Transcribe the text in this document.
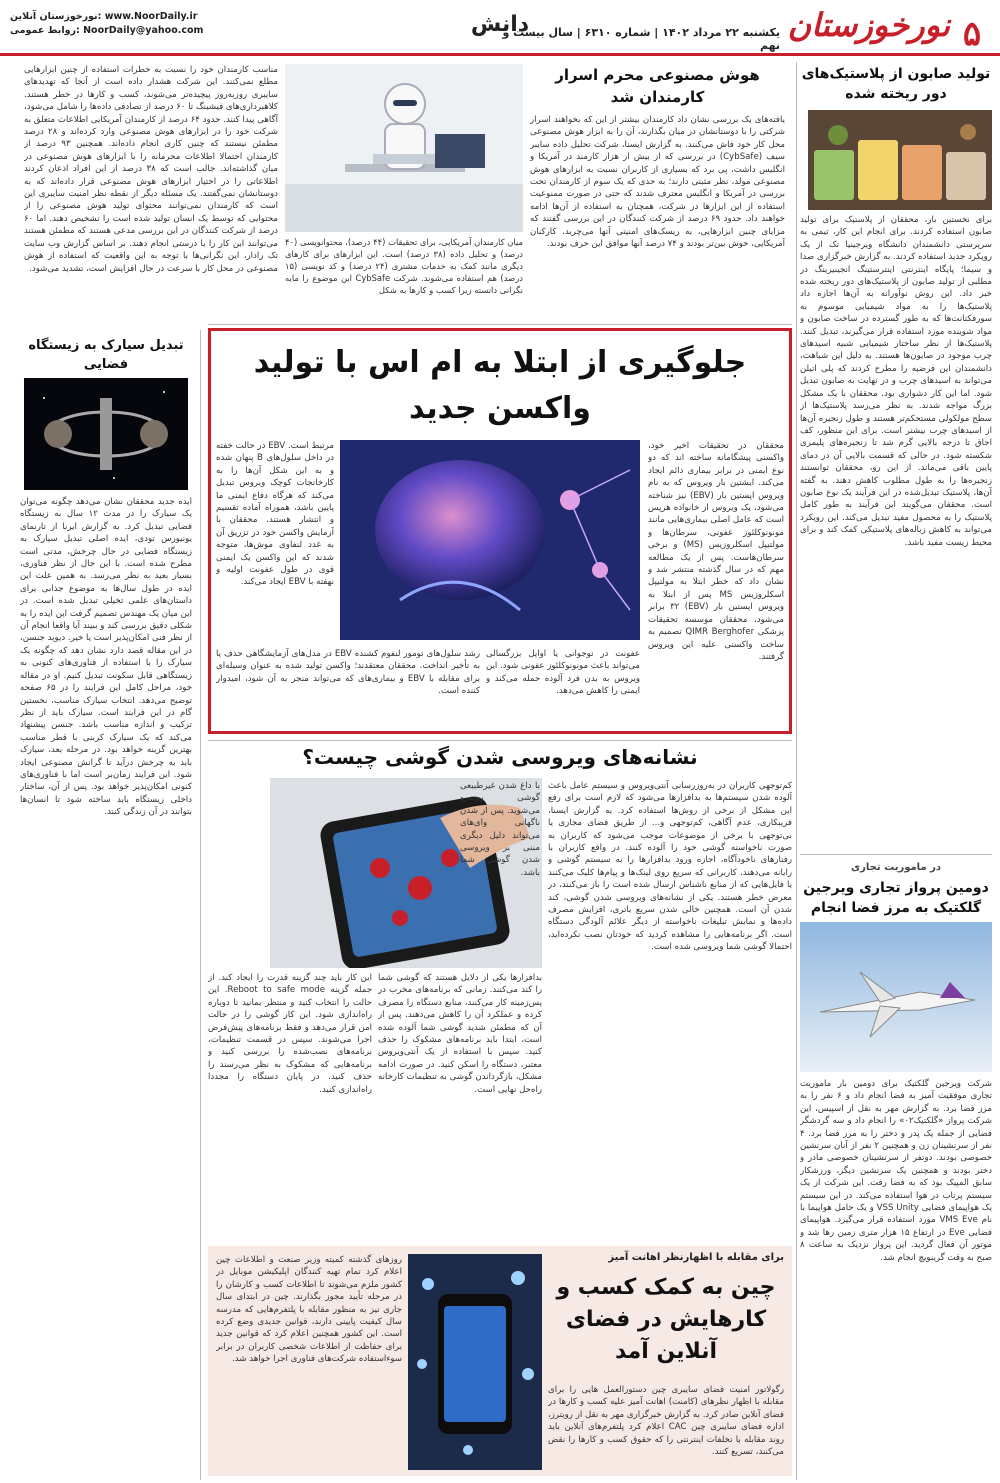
۵
نورخوزستان
یکشنبه ۲۲ مرداد ۱۴۰۲ | شماره ۶۳۱۰ | سال بیست و نهم
دانش
نورخوزستان آنلاین: www.NoorDaily.ir
روابط عمومی: NoorDaily@yahoo.com
تولید صابون از پلاستیک‌های دور ریخته شده
برای نخستین بار، محققان از پلاستیک برای تولید صابون استفاده کردند. برای انجام این کار، تیمی به سرپرستی دانشمندان دانشگاه ویرجینیا تک از یک رویکرد جدید استفاده کردند. به گزارش خبرگزاری صدا و سیما؛ پایگاه اینترنتی اینترستینگ انجینیرینگ در مطلبی از تولید صابون از پلاستیک‌های دور ریخته شده خبر داد. این روش نوآورانه به آن‌ها اجازه داد پلاستیک‌ها را به مواد شیمیایی موسوم به سورفکتانت‌ها که به طور گسترده در ساخت صابون و مواد شوینده مورد استفاده قرار می‌گیرند، تبدیل کنند. پلاستیک‌ها از نظر ساختار شیمیایی شبیه اسیدهای چرب موجود در صابون‌ها هستند. به دلیل این شباهت، دانشمندان این فرضیه را مطرح کردند که پلی اتیلن می‌تواند به اسیدهای چرب و در نهایت به صابون تبدیل شود. اما این کار دشواری بود. محققان با یک مشکل بزرگ مواجه شدند. به نظر می‌رسد پلاستیک‌ها از سطح مولکولی مستحکم‌تر هستند و طول زنجیره آن‌ها از اسیدهای چرب بیشتر است. برای این منظور، کف اجاق تا درجه بالایی گرم شد تا زنجیره‌های پلیمری شکسته شود. در حالی که قسمت بالایی آن در دمای پایین باقی می‌ماند. از این رو، محققان توانستند زنجیره‌ها را به طول مطلوب کاهش دهند. به گفته آن‌ها، پلاستیک تبدیل‌شده در این فرآیند یک نوع صابون است. محققان می‌گویند این فرآیند به طور کامل پلاستیک را به محصول مفید تبدیل می‌کند. این رویکرد می‌تواند به کاهش زباله‌های پلاستیکی کمک کند و برای محیط زیست مفید باشد.
در ماموریت تجاری
دومین پرواز تجاری ویرجین گلکتیک به مرز فضا انجام
شرکت ویرجین گلکتیک برای دومین بار ماموریت تجاری موفقیت آمیز به فضا انجام داد و ۶ نفر را به مرز فضا برد. به گزارش مهر به نقل از اسپیس، این شرکت پرواز «گلکتیک۰۲» را انجام داد و سه گردشگر فضایی از جمله یک پدر و دختر را به مرز فضا برد. ۴ نفر از سرنشینان زن و همچنین ۲ نفر از آنان سرنشین خصوصی بودند. دوتفر از سرنشینان خصوصی مادر و دختر بودند و همچنین یک سرنشین دیگر، ورزشکار سابق المپیک بود که به فضا رفت. این شرکت از یک سیستم پرتاب در هوا استفاده می‌کند. در این سیستم یک هواپیمای فضایی VSS Unity و یک حامل هواپیما با نام VMS Eve مورد استفاده قرار می‌گیرد. هواپیمای فضایی Eve در ارتفاع ۱۵ هزار متری زمین رها شد و موتور آن فعال گردید. این پرواز نزدیک به ساعت ۸ صبح به وقت گرینویچ انجام شد.
هوش مصنوعی محرم اسرار کارمندان شد
یافته‌های یک بررسی نشان داد کارمندان بیشتر از این که بخواهند اسرار شرکتی را با دوستانشان در میان بگذارند، آن را به ابزار هوش مصنوعی محل کار خود فاش می‌کنند. به گزارش ایسنا، شرکت تحلیل داده سایبر سیف (CybSafe) در بررسی که از بیش از هزار کارمند در آمریکا و انگلیس داشت، پی برد که بسیاری از کاربران نسبت به ابزارهای هوش مصنوعی مولد، نظر مثبتی دارند؛ به حدی که یک سوم از کارمندان تحت بررسی در آمریکا و انگلیس معترف شدند که حتی در صورت ممنوعیت استفاده از این ابزارها در شرکت، همچنان به استفاده از آن‌ها ادامه خواهند داد. حدود ۶۹ درصد از شرکت کنندگان در این بررسی گفتند که مزایای چنین ابزارهایی، به ریسک‌های امنیتی آنها می‌چربد. کارکنان آمریکایی، خوش بین‌تر بودند و ۷۴ درصد آنها موافق این حرف بودند.
میان کارمندان آمریکایی، برای تحقیقات (۴۴ درصد)، محتوانویسی (۴۰ درصد) و تحلیل داده (۳۸ درصد) است. این ابزارهای برای کارهای دیگری مانند کمک به خدمات مشتری (۲۴ درصد) و کد نویسی (۱۵ درصد) هم استفاده می‌شوند. شرکت CybSafe این موضوع را مایه نگرانی دانسته زیرا کسب و کارها به شکل
مناسب کارمندان خود را نسبت به خطرات استفاده از چنین ابزارهایی مطلع نمی‌کنند. این شرکت هشدار داده است از آنجا که تهدیدهای سایبری روزبه‌روز پیچیده‌تر می‌شوند، کسب و کارها در خطر هستند. کلاهبرداری‌های فیشینگ تا ۶۰ درصد از تصادفی داده‌ها را شامل می‌شود، آگاهی پیدا کنند. حدود ۶۴ درصد از کارمندان آمریکایی اطلاعات متعلق به شرکت خود را در ابزارهای هوش مصنوعی وارد کرده‌اند و ۲۸ درصد مطمئن نیستند که چنین کاری انجام داده‌اند. همچنین ۹۳ درصد از کارمندان احتمالا اطلاعات محرمانه را با ابزارهای هوش مصنوعی در میان گذاشته‌اند. جالب است که ۳۸ درصد از این افراد اذعان کردند اطلاعاتی را در اختیار ابزارهای هوش مصنوعی قرار داده‌اند که به دوستانشان نمی‌گفتند. یک مسئله دیگر از نقطه نظر امنیت سایبری این است که کارمندان نمی‌توانند محتوای تولید هوش مصنوعی را از محتوایی که توسط یک انسان تولید شده است را تشخیص دهند. اما ۶۰ درصد از شرکت کنندگان در این بررسی مدعی هستند که مطمئن هستند می‌توانند این کار را با درستی انجام دهند. بر اساس گزارش وب سایت تک رادار، این نگرانی‌ها با توجه به این واقعیت که استفاده از هوش مصنوعی در محل کار با سرعت در حال افزایش است، تشدید می‌شود.
جلوگیری از ابتلا به ام اس با تولید واکسن جدید
محققان در تحقیقات اخیر خود، واکسنی پیشگامانه ساخته اند که دو نوع ایمنی در برابر بیماری دائم ایجاد می‌کند. ایشتین بار ویروس که به نام ویروس اپستین بار (EBV) نیز شناخته می‌شود، یک ویروس از خانواده هرپس است که عامل اصلی بیماری‌هایی مانند مونونوکلئوز عفونی، سرطان‌ها و مولتیپل اسکلروزیس (MS) و برخی سرطان‌هاست. پس از یک مطالعه مهم که در سال گذشته منتشر شد و نشان داد که خطر ابتلا به مولتیپل اسکلروزیس MS پس از ابتلا به ویروس اپستین بار (EBV) ۳۲ برابر می‌شود، محققان موسسه تحقیقات پزشکی QIMR Berghofer تصمیم به ساخت واکسنی علیه این ویروس گرفتند.
مرتبط است. EBV در حالت خفته در داخل سلول‌های B پنهان شده و به این شکل آن‌ها را به کارخانجات کوچک ویروس تبدیل می‌کند که هرگاه دفاع ایمنی ما پایین باشد، هموراه آماده تقسیم و انتشار هستند. محققان با آزمایش واکسن خود در تزریق آن به غدد لنفاوی موش‌ها، متوجه شدند که این واکسن یک ایمنی قوی در طول عفونت اولیه و نهفته با EBV ایجاد می‌کند.
عفونت در نوجوانی یا اوایل بزرگسالی می‌تواند باعث مونونوکلئوز عفونی شود. این ویروس به بدن فرد آلوده حمله می‌کند و ایمنی را کاهش می‌دهد.
رشد سلول‌های تومور لنفوم کشنده EBV در مدل‌های آزمایشگاهی حذف یا به تأخیر انداخت. محققان معتقدند؛ واکسن تولید شده به عنوان وسیله‌ای برای مقابله با EBV و بیماری‌های که می‌تواند منجر به آن شود، امیدوار کننده است.
تبدیل سیارک به زیستگاه فضایی
ایده جدید محققان نشان می‌دهد چگونه می‌توان یک سیارک را در مدت ۱۲ سال به زیستگاه فضایی تبدیل کرد. به گزارش ایرنا از تارنمای یونیورس تودی، ایده اصلی تبدیل سیارک به زیستگاه فضایی در حال چرخش، مدتی است مطرح شده است. با این حال از نظر فناوری، بسیار بعید به نظر می‌رسد. به همین علت این ایده در طول سال‌ها به موضوع جذابی برای داستان‌های علمی تخیلی تبدیل شده است. در این میان یک مهندس تصمیم گرفت این ایده را به شکلی دقیق بررسی کند و ببیند آیا واقعا انجام آن از نظر فنی امکان‌پذیر است یا خیر. دیوید جنسن، در این مقاله قصد دارد نشان دهد که چگونه یک سیارک را با استفاده از فناوری‌های کنونی به زیستگاهی قابل سکونت تبدیل کنیم. او در مقاله خود، مراحل کامل این فرایند را در ۶۵ صفحه توضیح می‌دهد. انتخاب سیارک مناسب، نخستین گام در این فرایند است. سیارک باید از نظر ترکیب و اندازه مناسب باشد. جنسن پیشنهاد می‌کند که یک سیارک کربنی با قطر مناسب بهترین گزینه خواهد بود. در مرحله بعد، سیارک باید به چرخش درآید تا گرانش مصنوعی ایجاد شود. این فرایند زمان‌بر است اما با فناوری‌های کنونی امکان‌پذیر خواهد بود. پس از آن، ساختار داخلی زیستگاه باید ساخته شود تا انسان‌ها بتوانند در آن زندگی کنند.
نشانه‌های ویروسی شدن گوشی چیست؟
کم‌توجهی کاربران در به‌روزرسانی آنتی‌ویروس و سیستم عامل باعث آلوده شدن سیستم‌ها به بدافزارها می‌شود که لازم است برای رفع این مشکل از برخی از روش‌ها استفاده کرد. به گزارش ایسنا، فریبکاری، عدم آگاهی، کم‌توجهی و... از طریق فضای مجازی یا بی‌توجهی با برخی از موضوعات موجب می‌شود که کاربران به صورت ناخواسته گوشی خود را آلوده کنند. در واقع کاربران با رفتارهای ناخودآگاه، اجازه ورود بدافزارها را به سیستم گوشی و رایانه می‌دهند. کاربرانی که سریع روی لینک‌ها و پیام‌ها کلیک می‌کنند یا فایل‌هایی که از منابع ناشناس ارسال شده است را باز می‌کنند، در معرض خطر هستند. یکی از نشانه‌های ویروسی شدن گوشی، کند شدن آن است. همچنین خالی شدن سریع باتری، افزایش مصرف داده‌ها و نمایش تبلیغات ناخواسته از دیگر علائم آلودگی دستگاه است. اگر برنامه‌هایی را مشاهده کردید که خودتان نصب نکرده‌اید، احتمالا گوشی شما ویروسی شده است.
با داغ شدن غیرطبیعی گوشی روبه‌رو می‌شوید. پس از شدن ناگهانی و‌ای‌های می‌تواند دلیل دیگری مبنی بر ویروسی شدن گوشی شما باشد.
بدافزارها یکی از دلایل هستند که گوشی شما را کند می‌کنند. زمانی که برنامه‌های مخرب در پس‌زمینه کار می‌کنند، منابع دستگاه را مصرف کرده و عملکرد آن را کاهش می‌دهند. پس از آن که مطمئن شدید گوشی شما آلوده شده است، ابتدا باید برنامه‌های مشکوک را حذف کنید. سپس با استفاده از یک آنتی‌ویروس معتبر، دستگاه را اسکن کنید. در صورت ادامه مشکل، بازگرداندن گوشی به تنظیمات کارخانه راه‌حل نهایی است.
این کار باید چند گزینه قدرت را ایجاد کند. از جمله گزینه Reboot to safe mode. این حالت را انتخاب کنید و منتظر بمانید تا دوباره راه‌اندازی شود. این کار گوشی را در حالت امن قرار می‌دهد و فقط برنامه‌های پیش‌فرض اجرا می‌شوند. سپس در قسمت تنظیمات، برنامه‌های نصب‌شده را بررسی کنید و برنامه‌هایی که مشکوک به نظر می‌رسند را حذف کنید. در پایان دستگاه را مجددا راه‌اندازی کنید.
برای مقابله با اظهارنظر اهانت آمیز
چین به کمک کسب و کارهایش در فضای آنلاین آمد
رگولاتور امنیت فضای سایبری چین دستورالعمل هایی را برای مقابله با اظهار نظرهای (کامنت) اهانت آمیز علیه کسب و کارها در فضای آنلاین صادر کرد. به گزارش خبرگزاری مهر به نقل از رویترز، اداره فضای سایبری چین CAC اعلام کرد پلتفرم‌های آنلاین باید روند مقابله با تخلفات اینترنتی را که حقوق کسب و کارها را نقض می‌کنند، تسریع کنند.
روزهای گذشته کمیته وزیر صنعت و اطلاعات چین اعلام کرد تمام تهیه کنندگان اپلیکیشن موبایل در کشور ملزم می‌شوند تا اطلاعات کسب و کارشان را در مرحله تأیید مجوز بگذارند. چین در ابتدای سال جاری نیز به منظور مقابله با پلتفرم‌هایی که مدرسه سال کیفیت پایینی دارند، قوانین جدیدی وضع کرده است. این کشور همچنین اعلام کرد که قوانین جدید برای حفاظت از اطلاعات شخصی کاربران در برابر سوءاستفاده شرکت‌های فناوری اجرا خواهد شد.
